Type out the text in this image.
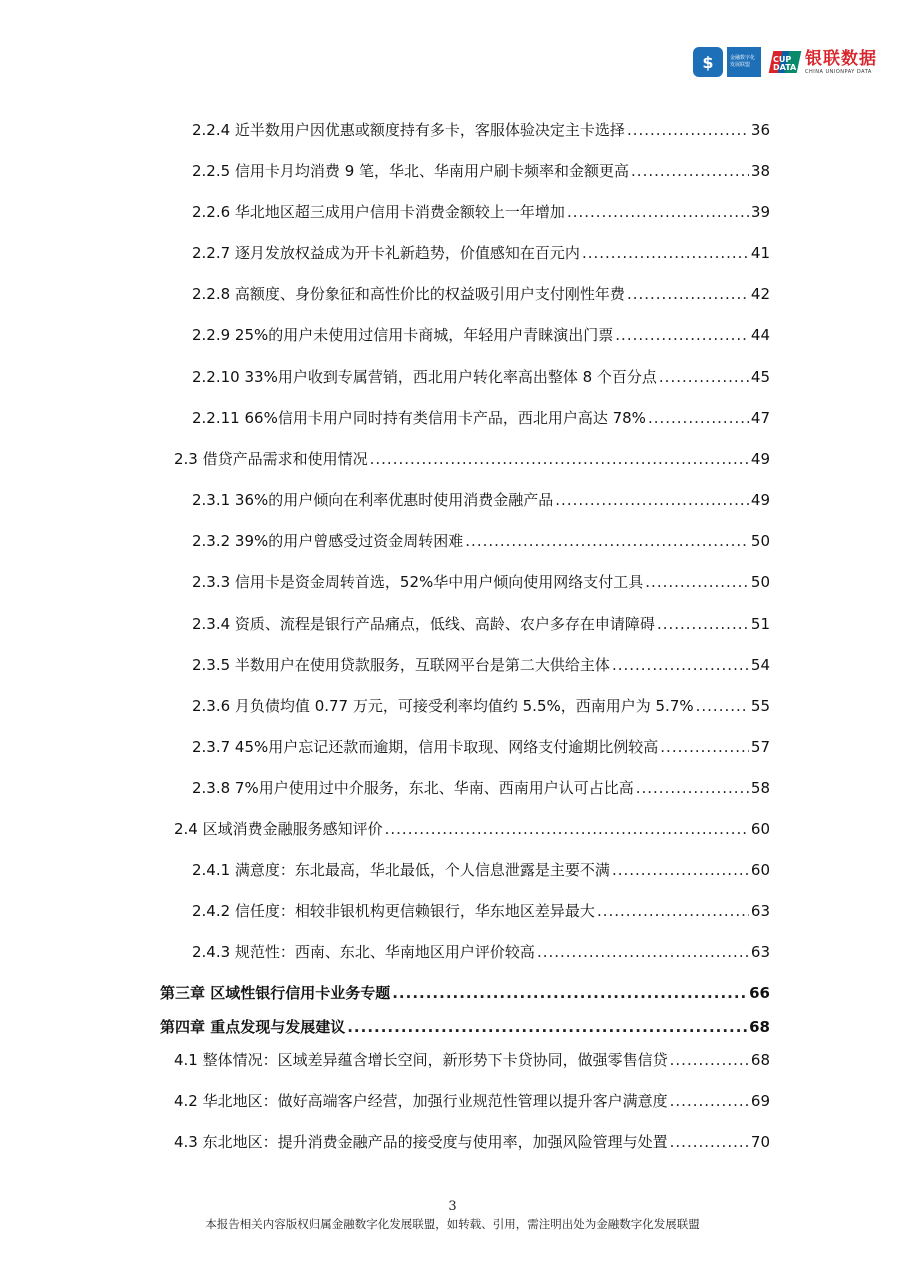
$	金融数字化
发展联盟
CUP DATA 银联数据
CHINA UNIONPAY DATA
2.2.4 近半数用户因优惠或额度持有多卡，客服体验决定主卡选择 .....	36
2.2.5 信用卡月均消费 9 笔，华北、华南用户刷卡频率和金额更高 .....	38
2.2.6 华北地区超三成用户信用卡消费金额较上一年增加 .....	39
2.2.7 逐月发放权益成为开卡礼新趋势，价值感知在百元内 .....	41
2.2.8 高额度、身份象征和高性价比的权益吸引用户支付刚性年费 .....	42
2.2.9 25%的用户未使用过信用卡商城，年轻用户青睐演出门票 .....	44
2.2.10 33%用户收到专属营销，西北用户转化率高出整体 8 个百分点 .....	45
2.2.11 66%信用卡用户同时持有类信用卡产品，西北用户高达 78% .....	47
2.3 借贷产品需求和使用情况 .....	49
2.3.1 36%的用户倾向在利率优惠时使用消费金融产品 .....	49
2.3.2 39%的用户曾感受过资金周转困难 .....	50
2.3.3 信用卡是资金周转首选，52%华中用户倾向使用网络支付工具 .....	50
2.3.4 资质、流程是银行产品痛点，低线、高龄、农户多存在申请障碍 .....	51
2.3.5 半数用户在使用贷款服务，互联网平台是第二大供给主体 .....	54
2.3.6 月负债均值 0.77 万元，可接受利率均值约 5.5%，西南用户为 5.7% .....	55
2.3.7 45%用户忘记还款而逾期，信用卡取现、网络支付逾期比例较高 .....	57
2.3.8 7%用户使用过中介服务，东北、华南、西南用户认可占比高 .....	58
2.4 区域消费金融服务感知评价 .....	60
2.4.1 满意度：东北最高，华北最低，个人信息泄露是主要不满 .....	60
2.4.2 信任度：相较非银机构更信赖银行，华东地区差异最大 .....	63
2.4.3 规范性：西南、东北、华南地区用户评价较高 .....	63
第三章 区域性银行信用卡业务专题 .....	66
第四章 重点发现与发展建议 .....	68
4.1 整体情况：区域差异蕴含增长空间，新形势下卡贷协同，做强零售信贷 .....	68
4.2 华北地区：做好高端客户经营，加强行业规范性管理以提升客户满意度 .....	69
4.3 东北地区：提升消费金融产品的接受度与使用率，加强风险管理与处置 .....	70
3
本报告相关内容版权归属金融数字化发展联盟，如转载、引用，需注明出处为金融数字化发展联盟
